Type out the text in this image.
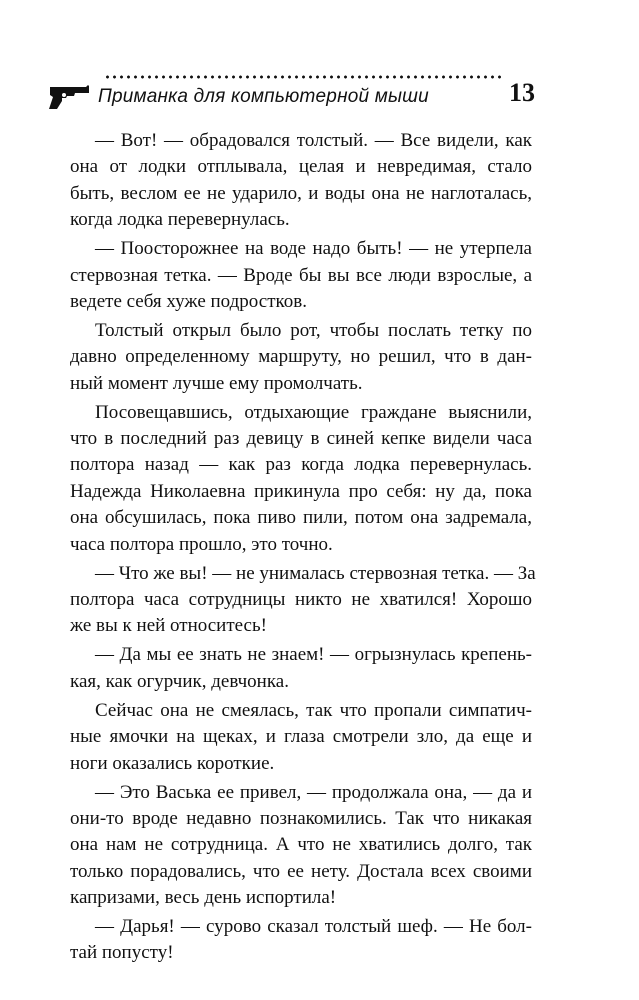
Приманка для компьютерной мыши	13
— Вот! — обрадовался толстый. — Все видели, как
она от лодки отплывала, целая и невредимая, стало
быть, веслом ее не ударило, и воды она не наглоталась,
когда лодка перевернулась.
— Поосторожнее на воде надо быть! — не утерпела
стервозная тетка. — Вроде бы вы все люди взрослые, а
ведете себя хуже подростков.
Толстый открыл было рот, чтобы послать тетку по
давно определенному маршруту, но решил, что в дан-
ный момент лучше ему промолчать.
Посовещавшись, отдыхающие граждане выяснили,
что в последний раз девицу в синей кепке видели часа
полтора назад — как раз когда лодка перевернулась.
Надежда Николаевна прикинула про себя: ну да, пока
она обсушилась, пока пиво пили, потом она задремала,
часа полтора прошло, это точно.
— Что же вы! — не унималась стервозная тетка. — За
полтора часа сотрудницы никто не хватился! Хорошо
же вы к ней относитесь!
— Да мы ее знать не знаем! — огрызнулась крепень-
кая, как огурчик, девчонка.
Сейчас она не смеялась, так что пропали симпатич-
ные ямочки на щеках, и глаза смотрели зло, да еще и
ноги оказались короткие.
— Это Васька ее привел, — продолжала она, — да и
они-то вроде недавно познакомились. Так что никакая
она нам не сотрудница. А что не хватились долго, так
только порадовались, что ее нету. Достала всех своими
капризами, весь день испортила!
— Дарья! — сурово сказал толстый шеф. — Не бол-
тай попусту!
